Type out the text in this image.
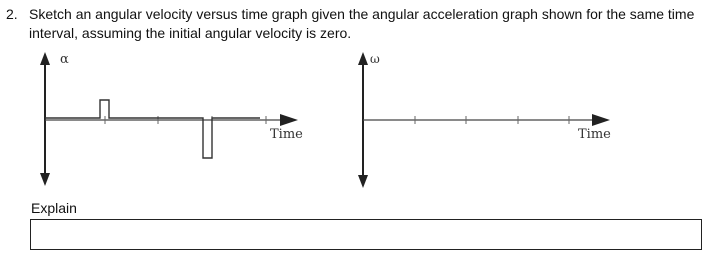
2. Sketch an angular velocity versus time graph given the angular acceleration graph shown for the same time interval, assuming the initial angular velocity is zero.
α
Time
ω
Time
Explain
